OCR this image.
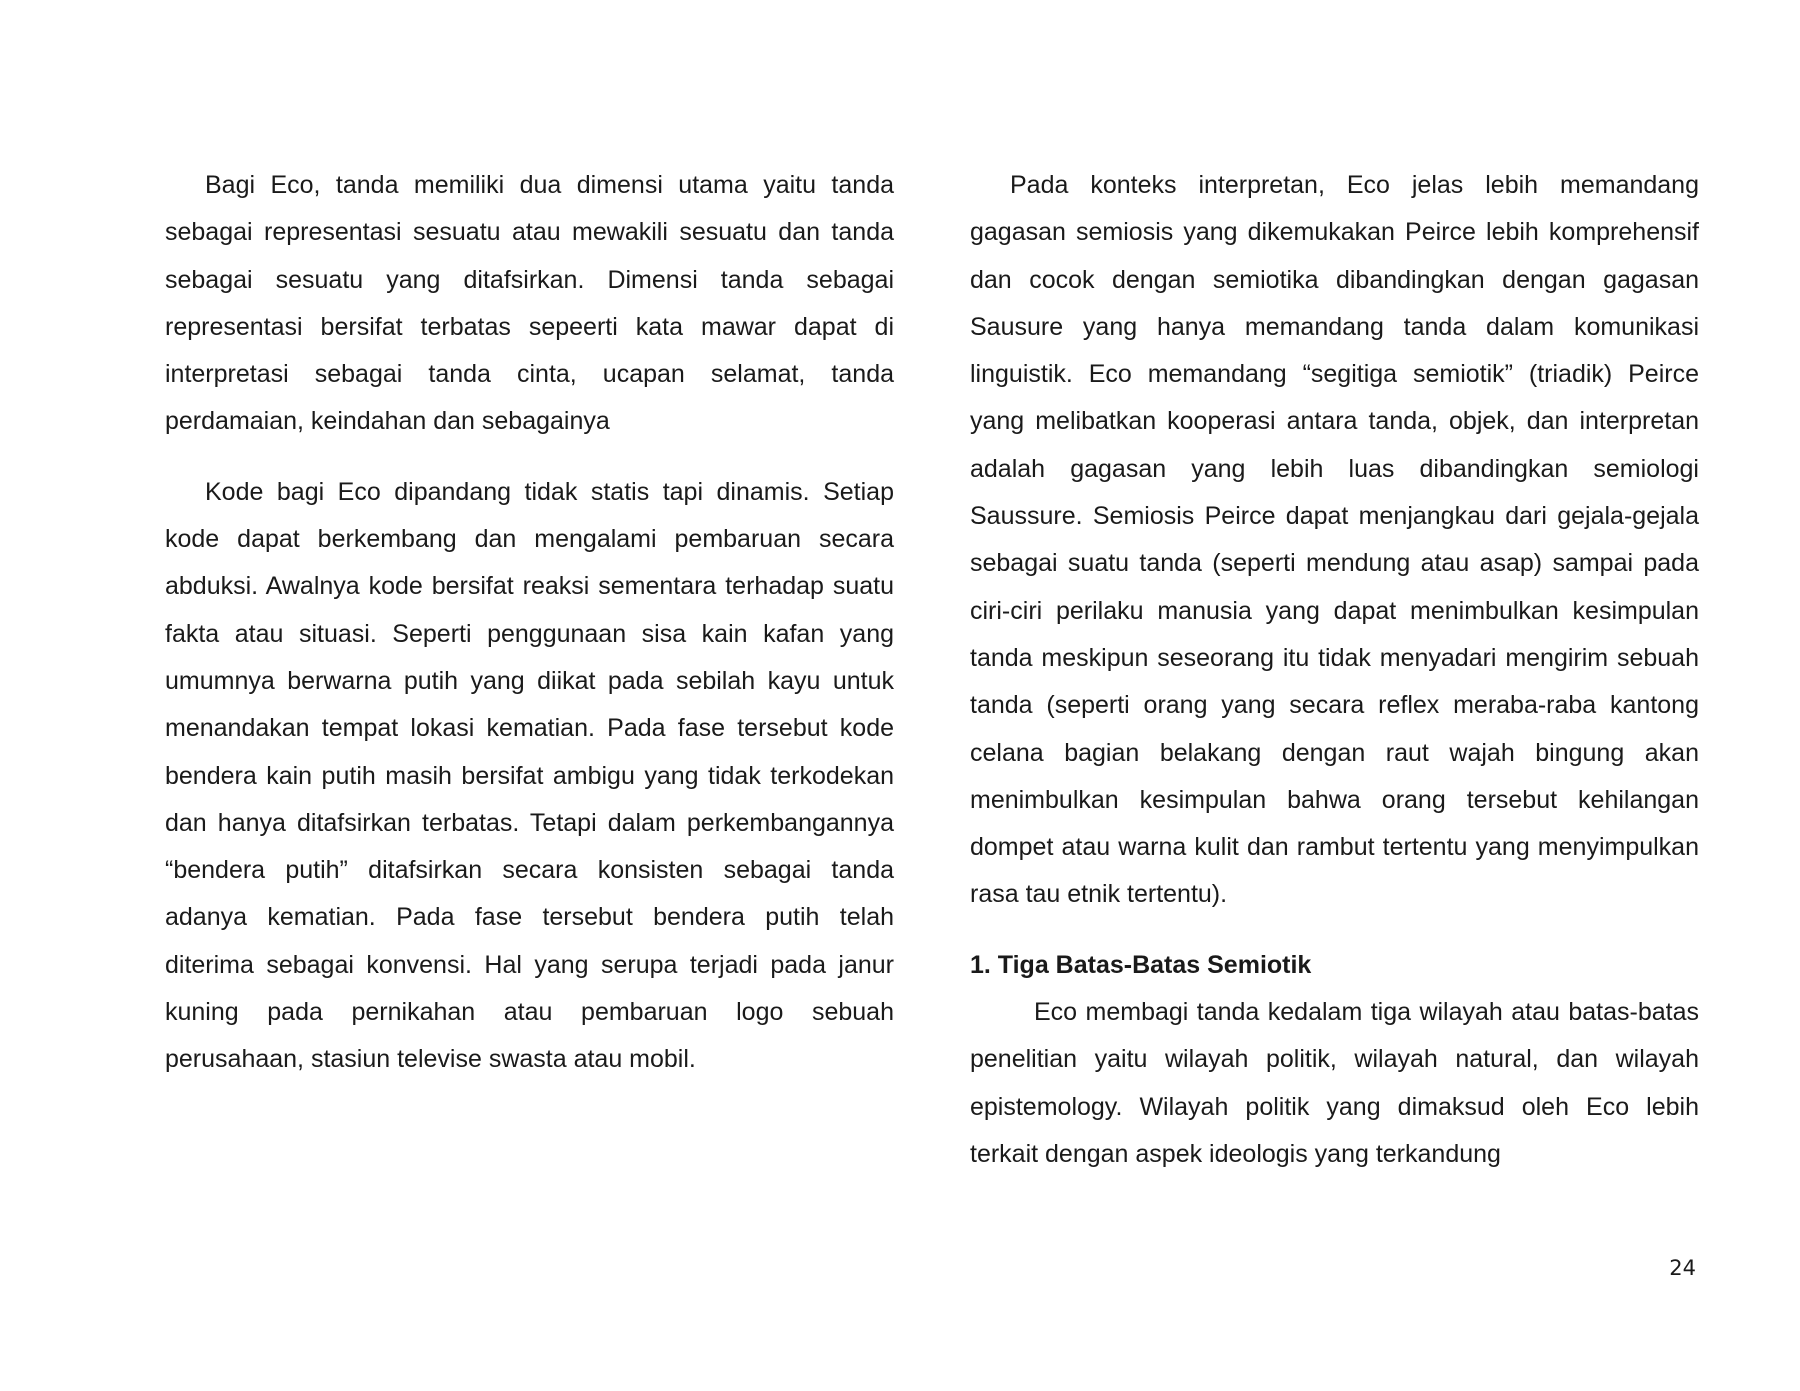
Bagi Eco, tanda memiliki dua dimensi utama yaitu tanda sebagai representasi sesuatu atau mewakili sesuatu dan tanda sebagai sesuatu yang ditafsirkan. Dimensi tanda sebagai representasi bersifat terbatas sepeerti kata mawar dapat di interpretasi sebagai tanda cinta, ucapan selamat, tanda perdamaian, keindahan dan sebagainya

Kode bagi Eco dipandang tidak statis tapi dinamis. Setiap kode dapat berkembang dan mengalami pembaruan secara abduksi. Awalnya kode bersifat reaksi sementara terhadap suatu fakta atau situasi. Seperti penggunaan sisa kain kafan yang umumnya berwarna putih yang diikat pada sebilah kayu untuk menandakan tempat lokasi kematian. Pada fase tersebut kode bendera kain putih masih bersifat ambigu yang tidak terkodekan dan hanya ditafsirkan terbatas. Tetapi dalam perkembangannya “bendera putih” ditafsirkan secara konsisten sebagai tanda adanya kematian. Pada fase tersebut bendera putih telah diterima sebagai konvensi. Hal yang serupa terjadi pada janur kuning pada pernikahan atau pembaruan logo sebuah perusahaan, stasiun televise swasta atau mobil.

Pada konteks interpretan, Eco jelas lebih memandang gagasan semiosis yang dikemukakan Peirce lebih komprehensif dan cocok dengan semiotika dibandingkan dengan gagasan Sausure yang hanya memandang tanda dalam komunikasi linguistik. Eco memandang “segitiga semiotik” (triadik) Peirce yang melibatkan kooperasi antara tanda, objek, dan interpretan adalah gagasan yang lebih luas dibandingkan semiologi Saussure. Semiosis Peirce dapat menjangkau dari gejala-gejala sebagai suatu tanda (seperti mendung atau asap) sampai pada ciri-ciri perilaku manusia yang dapat menimbulkan kesimpulan tanda meskipun seseorang itu tidak menyadari mengirim sebuah tanda (seperti orang yang secara reflex meraba-raba kantong celana bagian belakang dengan raut wajah bingung akan menimbulkan kesimpulan bahwa orang tersebut kehilangan dompet atau warna kulit dan rambut tertentu yang menyimpulkan rasa tau etnik tertentu).

1. Tiga Batas-Batas Semiotik

Eco membagi tanda kedalam tiga wilayah atau batas-batas penelitian yaitu wilayah politik, wilayah natural, dan wilayah epistemology. Wilayah politik yang dimaksud oleh Eco lebih terkait dengan aspek ideologis yang terkandung

24
